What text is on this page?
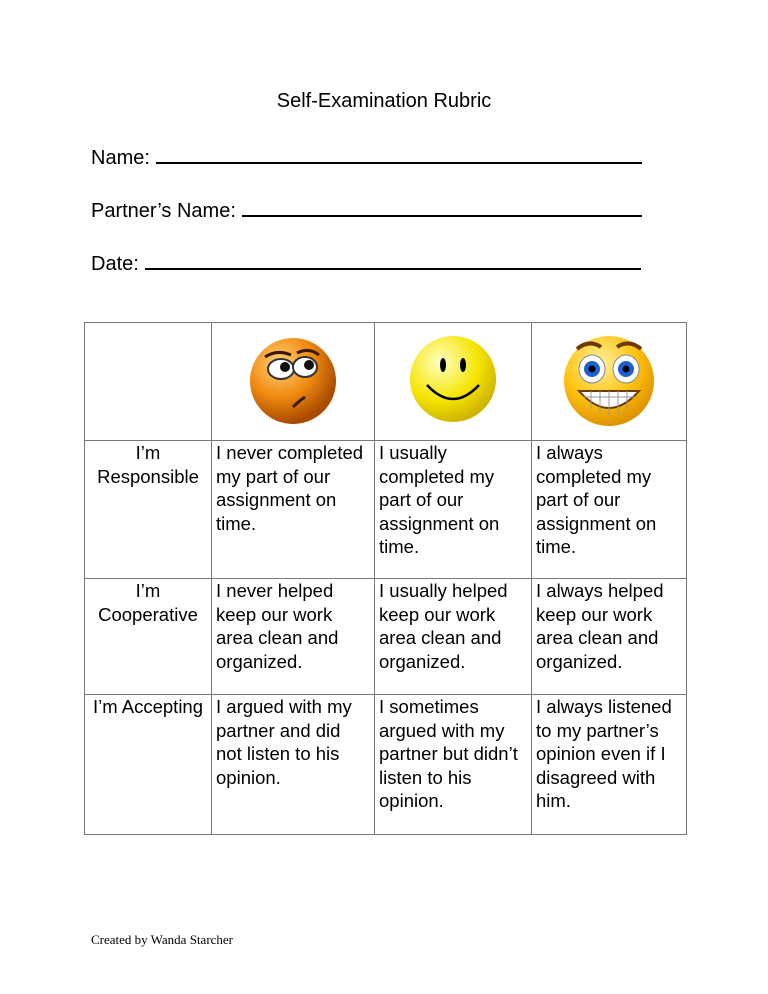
Self-Examination Rubric
Name:
Partner’s Name:
Date:

I’m Responsible	I never completed my part of our assignment on time.	I usually completed my part of our assignment on time.	I always completed my part of our assignment on time.
I’m Cooperative	I never helped keep our work area clean and organized.	I usually helped keep our work area clean and organized.	I always helped keep our work area clean and organized.
I’m Accepting	I argued with my partner and did not listen to his opinion.	I sometimes argued with my partner but didn’t listen to his opinion.	I always listened to my partner’s opinion even if I disagreed with him.
Created by Wanda Starcher
